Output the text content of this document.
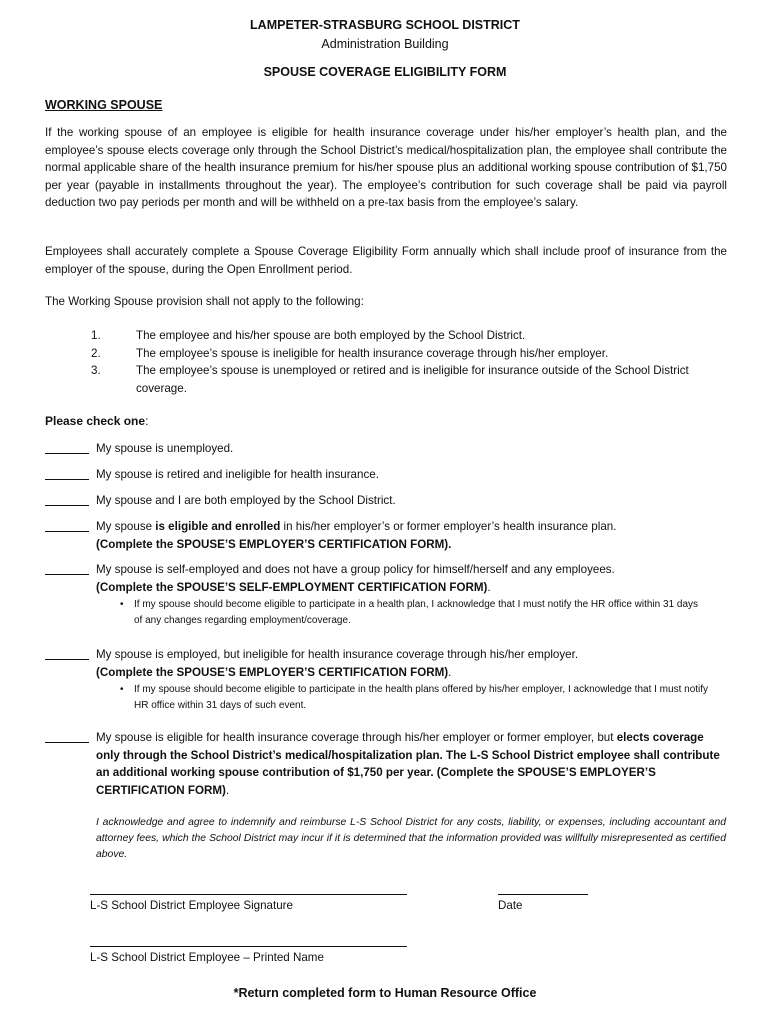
LAMPETER-STRASBURG SCHOOL DISTRICT
Administration Building
SPOUSE COVERAGE ELIGIBILITY FORM
WORKING SPOUSE
If the working spouse of an employee is eligible for health insurance coverage under his/her employer’s health plan, and the employee’s spouse elects coverage only through the School District’s medical/hospitalization plan, the employee shall contribute the normal applicable share of the health insurance premium for his/her spouse plus an additional working spouse contribution of $1,750 per year (payable in installments throughout the year). The employee’s contribution for such coverage shall be paid via payroll deduction two pay periods per month and will be withheld on a pre-tax basis from the employee’s salary.
Employees shall accurately complete a Spouse Coverage Eligibility Form annually which shall include proof of insurance from the employer of the spouse, during the Open Enrollment period.
The Working Spouse provision shall not apply to the following:
1.	The employee and his/her spouse are both employed by the School District.
2.	The employee’s spouse is ineligible for health insurance coverage through his/her employer.
3.	The employee’s spouse is unemployed or retired and is ineligible for insurance outside of the School District coverage.
Please check one:
My spouse is unemployed.
My spouse is retired and ineligible for health insurance.
My spouse and I are both employed by the School District.
My spouse is eligible and enrolled in his/her employer’s or former employer’s health insurance plan. (Complete the SPOUSE’S EMPLOYER’S CERTIFICATION FORM).
My spouse is self-employed and does not have a group policy for himself/herself and any employees. (Complete the SPOUSE’S SELF-EMPLOYMENT CERTIFICATION FORM).
• If my spouse should become eligible to participate in a health plan, I acknowledge that I must notify the HR office within 31 days of any changes regarding employment/coverage.
My spouse is employed, but ineligible for health insurance coverage through his/her employer.
(Complete the SPOUSE’S EMPLOYER’S CERTIFICATION FORM).
• If my spouse should become eligible to participate in the health plans offered by his/her employer, I acknowledge that I must notify HR office within 31 days of such event.
My spouse is eligible for health insurance coverage through his/her employer or former employer, but elects coverage only through the School District’s medical/hospitalization plan. The L-S School District employee shall contribute an additional working spouse contribution of $1,750 per year. (Complete the SPOUSE’S EMPLOYER’S CERTIFICATION FORM).
I acknowledge and agree to indemnify and reimburse L-S School District for any costs, liability, or expenses, including accountant and attorney fees, which the School District may incur if it is determined that the information provided was willfully misrepresented as certified above.
L-S School District Employee Signature	Date
L-S School District Employee – Printed Name
*Return completed form to Human Resource Office
